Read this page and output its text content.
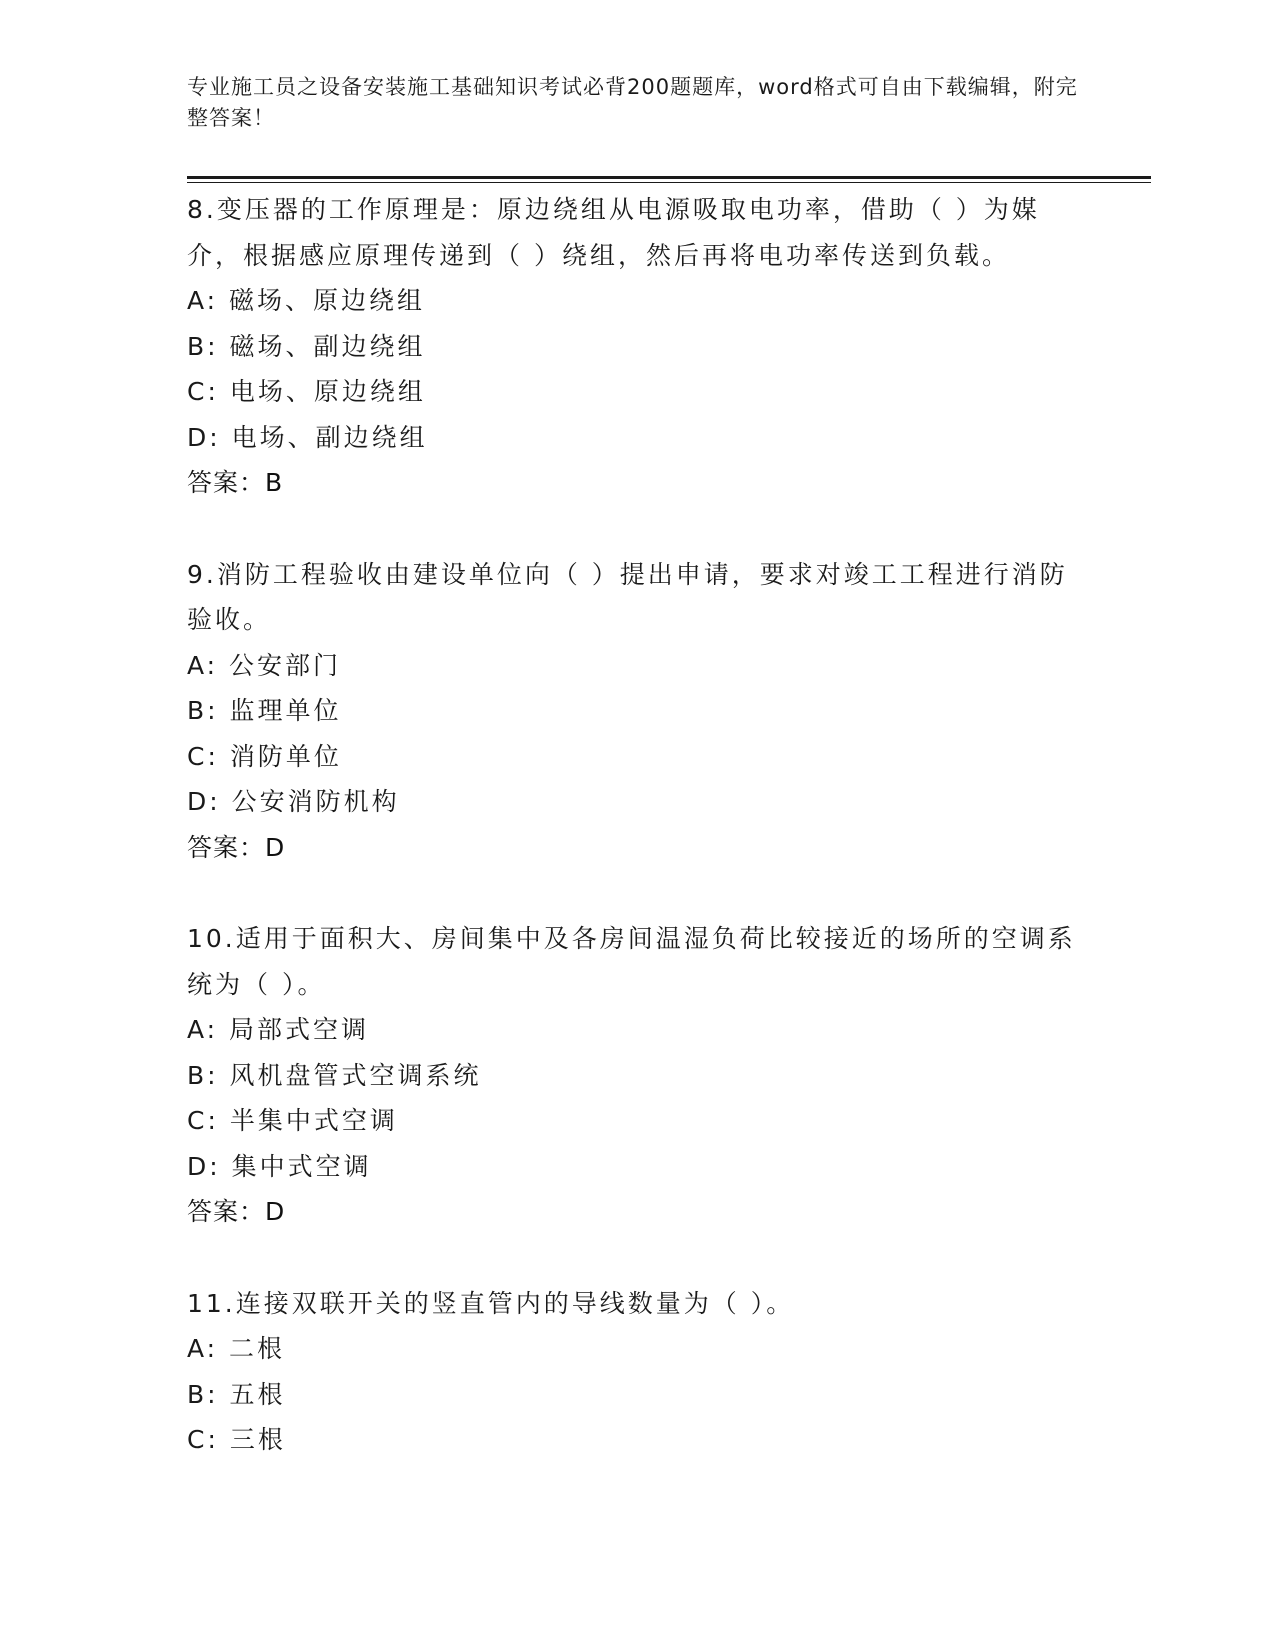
专业施工员之设备安装施工基础知识考试必背200题题库，word格式可自由下载编辑，附完整答案！

8.变压器的工作原理是：原边绕组从电源吸取电功率，借助（ ）为媒介，根据感应原理传递到（ ）绕组，然后再将电功率传送到负载。

A: 磁场、原边绕组

B: 磁场、副边绕组

C: 电场、原边绕组

D: 电场、副边绕组

答案：B

9.消防工程验收由建设单位向（ ）提出申请，要求对竣工工程进行消防验收。

A: 公安部门

B: 监理单位

C: 消防单位

D: 公安消防机构

答案：D

10.适用于面积大、房间集中及各房间温湿负荷比较接近的场所的空调系统为（ ）。

A: 局部式空调

B: 风机盘管式空调系统

C: 半集中式空调

D: 集中式空调

答案：D

11.连接双联开关的竖直管内的导线数量为（ ）。

A: 二根

B: 五根

C: 三根
